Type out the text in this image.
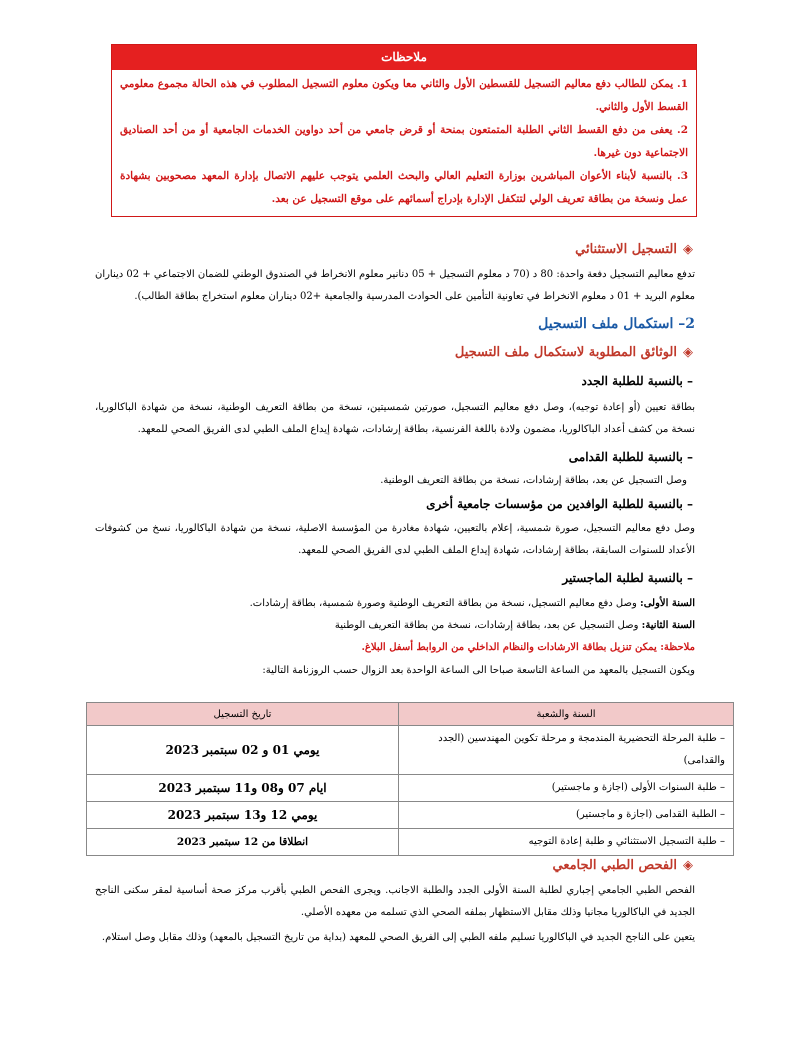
ملاحظات
1. يمكن للطالب دفع معاليم التسجيل للقسطين الأول والثاني معا ويكون معلوم التسجيل المطلوب في هذه الحالة مجموع معلومي القسط الأول والثاني.
2. يعفى من دفع القسط الثاني الطلبة المتمتعون بمنحة أو قرض جامعي من أحد دواوين الخدمات الجامعية أو من أحد الصناديق الاجتماعية دون غيرها.
3. بالنسبة لأبناء الأعوان المباشرين بوزارة التعليم العالي والبحث العلمي يتوجب عليهم الاتصال بإدارة المعهد مصحوبين بشهادة عمل ونسخة من بطاقة تعريف الولي لتتكفل الإدارة بإدراج أسمائهم على موقع التسجيل عن بعد.
◈التسجيل الاستثنائي
تدفع معاليم التسجيل دفعة واحدة: 80 د (70 د معلوم التسجيل + 05 دنانير معلوم الانخراط في الصندوق الوطني للضمان الاجتماعي + 02 ديناران معلوم البريد + 01 د معلوم الانخراط في تعاونية التأمين على الحوادث المدرسية والجامعية +02 ديناران معلوم استخراج بطاقة الطالب).
2– استكمال ملف التسجيل
◈الوثائق المطلوبة لاستكمال ملف التسجيل
– بالنسبة للطلبة الجدد
بطاقة تعيين (أو إعادة توجيه)، وصل دفع معاليم التسجيل، صورتين شمسيتين، نسخة من بطاقة التعريف الوطنية، نسخة من شهادة الباكالوريا، نسخة من كشف أعداد الباكالوريا، مضمون ولادة باللغة الفرنسية، بطاقة إرشادات، شهادة إيداع الملف الطبي لدى الفريق الصحي للمعهد.
– بالنسبة للطلبة القدامى
وصل التسجيل عن بعد، بطاقة إرشادات، نسخة من بطاقة التعريف الوطنية.
– بالنسبة للطلبة الوافدين من مؤسسات جامعية أخرى
وصل دفع معاليم التسجيل، صورة شمسية، إعلام بالتعيين، شهادة مغادرة من المؤسسة الاصلية، نسخة من شهادة الباكالوريا، نسخ من كشوفات الأعداد للسنوات السابقة، بطاقة إرشادات، شهادة إيداع الملف الطبي لدى الفريق الصحي للمعهد.
– بالنسبة لطلبة الماجستير
السنة الأولى: وصل دفع معاليم التسجيل، نسخة من بطاقة التعريف الوطنية وصورة شمسية، بطاقة إرشادات.
السنة الثانية: وصل التسجيل عن بعد، بطاقة إرشادات، نسخة من بطاقة التعريف الوطنية
ملاحظة: يمكن تنزيل بطاقة الارشادات والنظام الداخلي من الروابط أسفل البلاغ.
ويكون التسجيل بالمعهد من الساعة التاسعة صباحا الى الساعة الواحدة بعد الزوال حسب الروزنامة التالية:
السنة والشعبة	تاريخ التسجيل
– طلبة المرحلة التحضيرية المندمجة و مرحلة تكوين المهندسين (الجدد والقدامى)	يومي 01 و 02 سبتمبر 2023
– طلبة السنوات الأولى (اجازة و ماجستير)	ايام 07 و08 و11 سبتمبر 2023
– الطلبة القدامى (اجازة و ماجستير)	يومي 12 و13 سبتمبر 2023
– طلبة التسجيل الاستثنائي و طلبة إعادة التوجيه	انطلاقا من 12 سبتمبر 2023
◈الفحص الطبي الجامعي
الفحص الطبي الجامعي إجباري لطلبة السنة الأولى الجدد والطلبة الاجانب. ويجرى الفحص الطبي بأقرب مركز صحة أساسية لمقر سكنى الناجح الجديد في الباكالوريا مجانيا وذلك مقابل الاستظهار بملفه الصحي الذي تسلمه من معهده الأصلي.
يتعين على الناجح الجديد في الباكالوريا تسليم ملفه الطبي إلى الفريق الصحي للمعهد (بداية من تاريخ التسجيل بالمعهد) وذلك مقابل وصل استلام.
